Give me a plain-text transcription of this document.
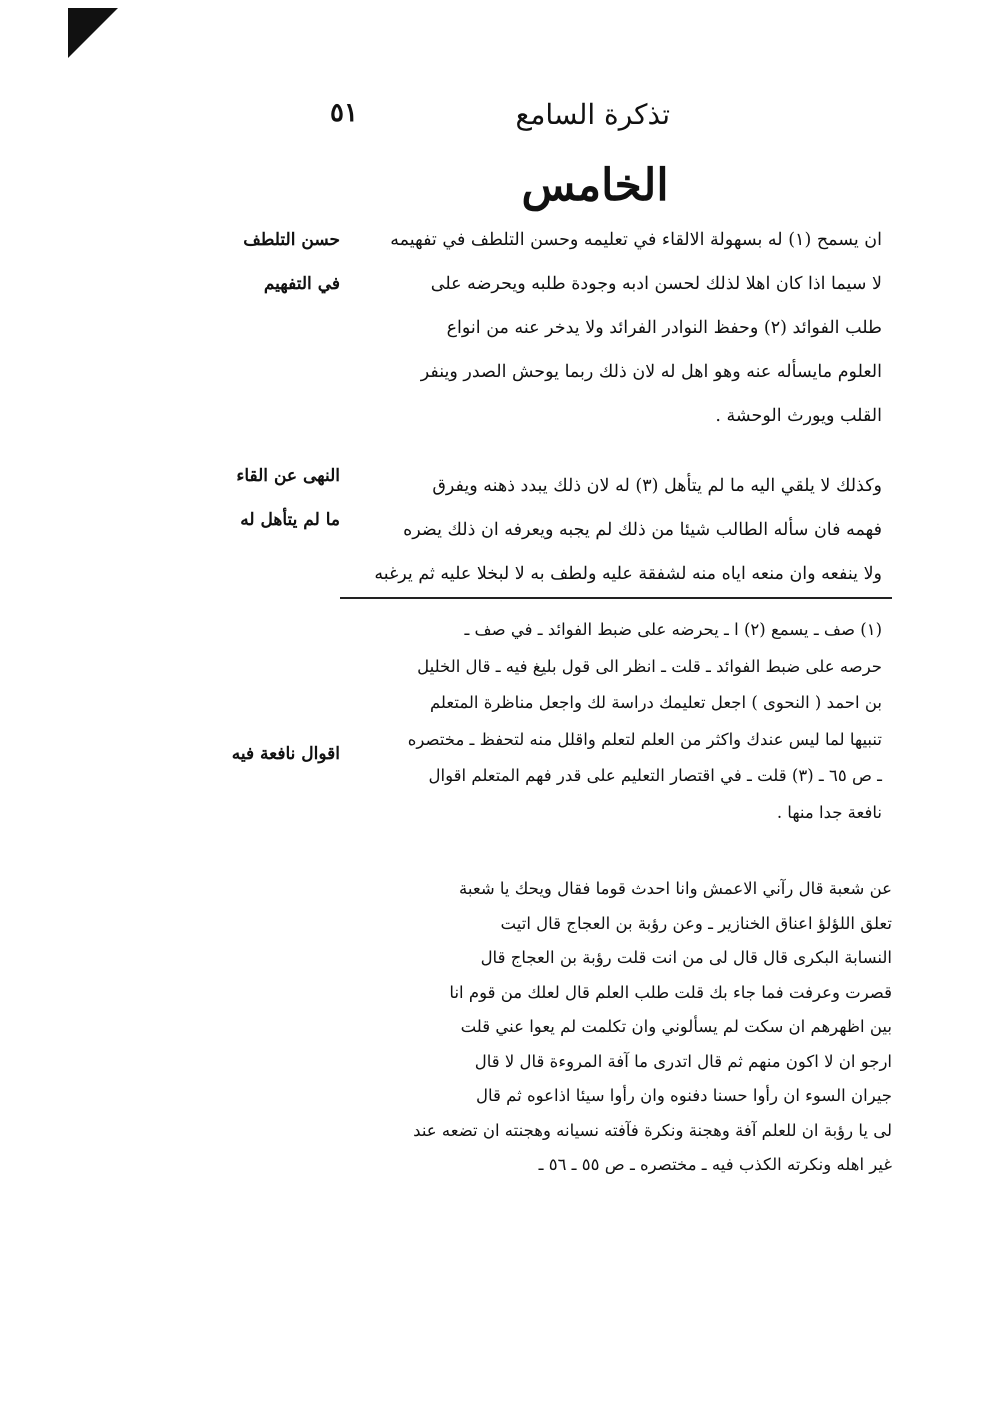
تذكرة السامع
٥١
الخامس

حسن التلطف

في التفهيم

ان يسمح (١) له بسهولة الالقاء في تعليمه وحسن التلطف في تفهيمه

لا سيما اذا كان اهلا لذلك لحسن ادبه وجودة طلبه ويحرضه على

طلب الفوائد (٢) وحفظ النوادر الفرائد ولا يدخر عنه من انواع

العلوم مايسأله عنه وهو اهل له لان ذلك ربما يوحش الصدر وينفر

القلب ويورث الوحشة .

النهى عن القاء

ما لم يتأهل له

وكذلك لا يلقي اليه ما لم يتأهل (٣) له لان ذلك يبدد ذهنه ويفرق

فهمه فان سأله الطالب شيئا من ذلك لم يجبه ويعرفه ان ذلك يضره

ولا ينفعه وان منعه اياه منه لشفقة عليه ولطف به لا لبخلا عليه ثم يرغبه

(١) صف ـ يسمع (٢) ا ـ يحرضه على ضبط الفوائد ـ في صف ـ

حرصه على ضبط الفوائد ـ قلت ـ انظر الى قول بليغ فيه ـ قال الخليل

بن احمد ( النحوى ) اجعل تعليمك دراسة لك واجعل مناظرة المتعلم

تنبيها لما ليس عندك واكثر من العلم لتعلم واقلل منه لتحفظ ـ مختصره

ـ ص ٦٥ ـ (٣) قلت ـ في اقتصار التعليم على قدر فهم المتعلم اقوال

نافعة جدا منها .

اقوال نافعة فيه

عن شعبة قال رآني الاعمش وانا احدث قوما فقال ويحك يا شعبة

تعلق اللؤلؤ اعناق الخنازير ـ وعن رؤبة بن العجاج قال اتيت

النسابة البكرى قال قال لى من انت قلت رؤبة بن العجاج قال

قصرت وعرفت فما جاء بك قلت طلب العلم قال لعلك من قوم انا

بين اظهرهم ان سكت لم يسألوني وان تكلمت لم يعوا عني قلت

ارجو ان لا اكون منهم ثم قال اتدرى ما آفة المروءة قال لا قال

جيران السوء ان رأوا حسنا دفنوه وان رأوا سيئا اذاعوه ثم قال

لى يا رؤبة ان للعلم آفة وهجنة ونكرة فآفته نسيانه وهجنته ان تضعه عند

غير اهله ونكرته الكذب فيه ـ مختصره ـ ص ٥٥ ـ ٥٦ ـ
